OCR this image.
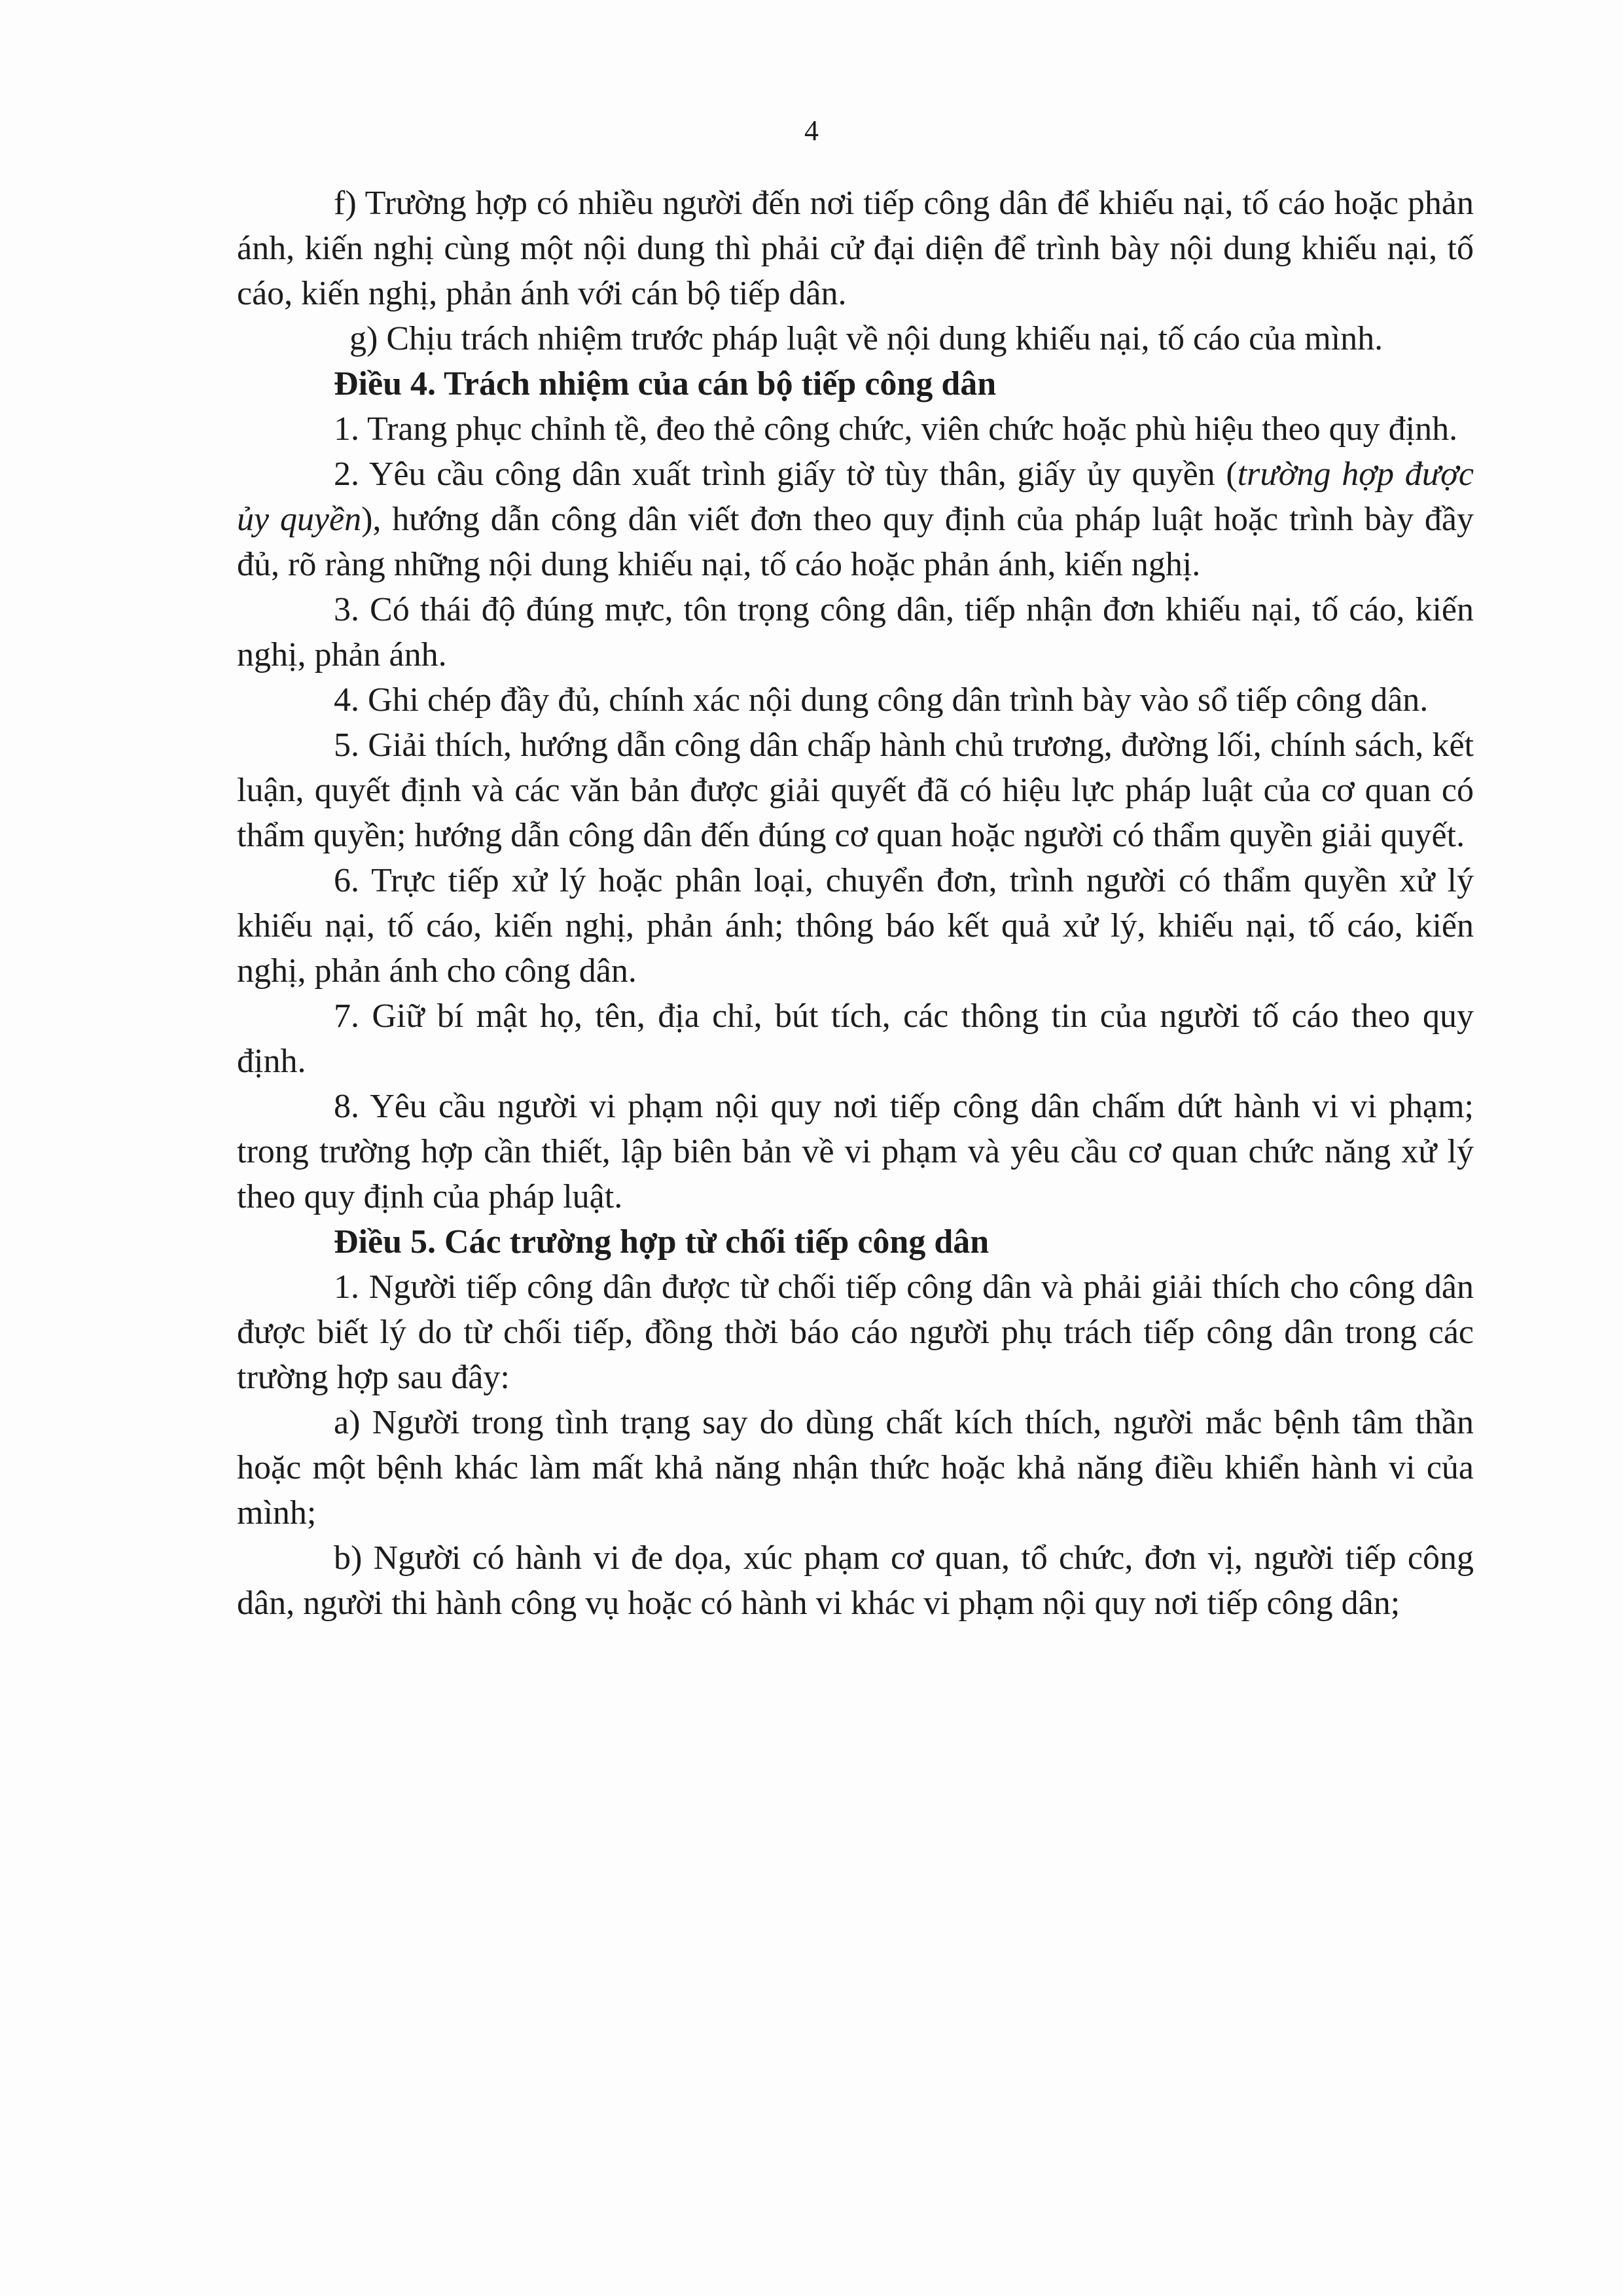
4

f) Trường hợp có nhiều người đến nơi tiếp công dân để khiếu nại, tố cáo hoặc phản ánh, kiến nghị cùng một nội dung thì phải cử đại diện để trình bày nội dung khiếu nại, tố cáo, kiến nghị, phản ánh với cán bộ tiếp dân.

g) Chịu trách nhiệm trước pháp luật về nội dung khiếu nại, tố cáo của mình.

Điều 4. Trách nhiệm của cán bộ tiếp công dân

1. Trang phục chỉnh tề, đeo thẻ công chức, viên chức hoặc phù hiệu theo quy định.

2. Yêu cầu công dân xuất trình giấy tờ tùy thân, giấy ủy quyền (trường hợp được ủy quyền), hướng dẫn công dân viết đơn theo quy định của pháp luật hoặc trình bày đầy đủ, rõ ràng những nội dung khiếu nại, tố cáo hoặc phản ánh, kiến nghị.

3. Có thái độ đúng mực, tôn trọng công dân, tiếp nhận đơn khiếu nại, tố cáo, kiến nghị, phản ánh.

4. Ghi chép đầy đủ, chính xác nội dung công dân trình bày vào sổ tiếp công dân.

5. Giải thích, hướng dẫn công dân chấp hành chủ trương, đường lối, chính sách, kết luận, quyết định và các văn bản được giải quyết đã có hiệu lực pháp luật của cơ quan có thẩm quyền; hướng dẫn công dân đến đúng cơ quan hoặc người có thẩm quyền giải quyết.

6. Trực tiếp xử lý hoặc phân loại, chuyển đơn, trình người có thẩm quyền xử lý khiếu nại, tố cáo, kiến nghị, phản ánh; thông báo kết quả xử lý, khiếu nại, tố cáo, kiến nghị, phản ánh cho công dân.

7. Giữ bí mật họ, tên, địa chỉ, bút tích, các thông tin của người tố cáo theo quy định.

8. Yêu cầu người vi phạm nội quy nơi tiếp công dân chấm dứt hành vi vi phạm; trong trường hợp cần thiết, lập biên bản về vi phạm và yêu cầu cơ quan chức năng xử lý theo quy định của pháp luật.

Điều 5. Các trường hợp từ chối tiếp công dân

1. Người tiếp công dân được từ chối tiếp công dân và phải giải thích cho công dân được biết lý do từ chối tiếp, đồng thời báo cáo người phụ trách tiếp công dân trong các trường hợp sau đây:

a) Người trong tình trạng say do dùng chất kích thích, người mắc bệnh tâm thần hoặc một bệnh khác làm mất khả năng nhận thức hoặc khả năng điều khiển hành vi của mình;

b) Người có hành vi đe dọa, xúc phạm cơ quan, tổ chức, đơn vị, người tiếp công dân, người thi hành công vụ hoặc có hành vi khác vi phạm nội quy nơi tiếp công dân;
